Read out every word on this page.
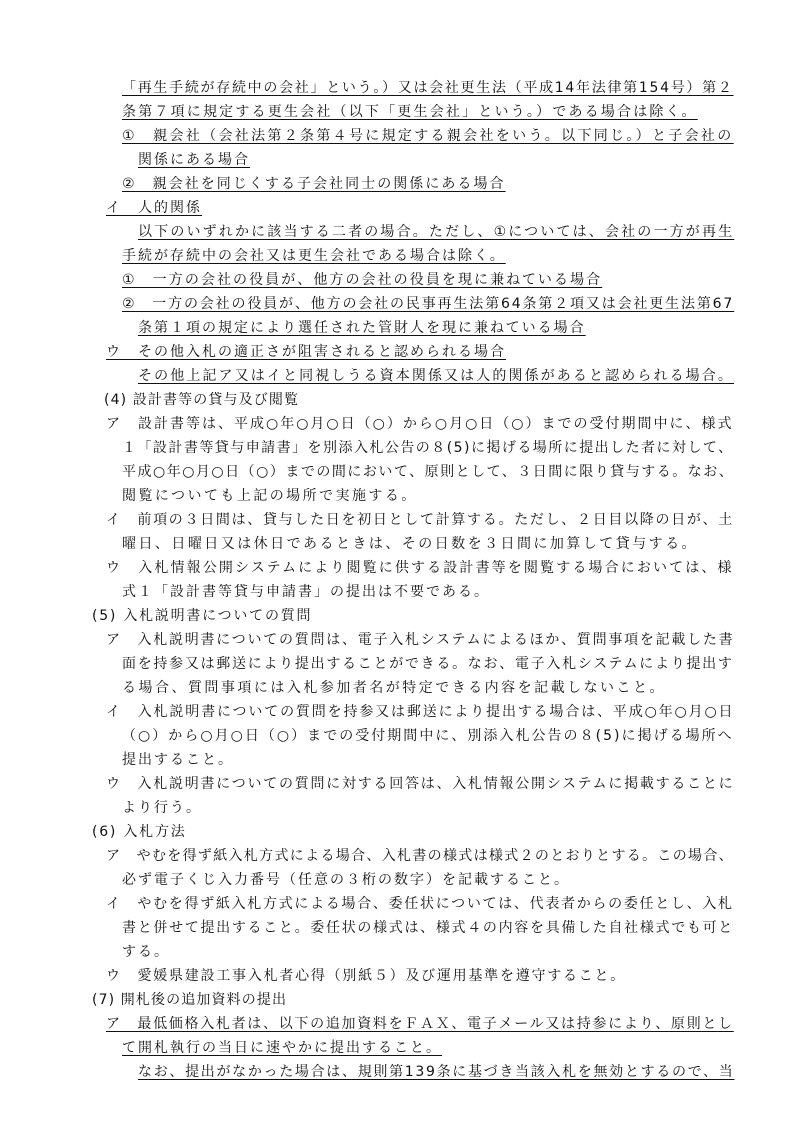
「再生手続が存続中の会社」という。）又は会社更生法（平成14年法律第154号）第２
条第７項に規定する更生会社（以下「更生会社」という。）である場合は除く。
①　親会社（会社法第２条第４号に規定する親会社をいう。以下同じ。）と子会社の
関係にある場合
②　親会社を同じくする子会社同士の関係にある場合
イ　人的関係
以下のいずれかに該当する二者の場合。ただし、①については、会社の一方が再生
手続が存続中の会社又は更生会社である場合は除く。
①　一方の会社の役員が、他方の会社の役員を現に兼ねている場合
②　一方の会社の役員が、他方の会社の民事再生法第64条第２項又は会社更生法第67
条第１項の規定により選任された管財人を現に兼ねている場合
ウ　その他入札の適正さが阻害されると認められる場合
その他上記ア又はイと同視しうる資本関係又は人的関係があると認められる場合。
(4) 設計書等の貸与及び閲覧
ア　設計書等は、平成○年○月○日（○）から○月○日（○）までの受付期間中に、様式
１「設計書等貸与申請書」を別添入札公告の８(5)に掲げる場所に提出した者に対して、
平成○年○月○日（○）までの間において、原則として、３日間に限り貸与する。なお、
閲覧についても上記の場所で実施する。
イ　前項の３日間は、貸与した日を初日として計算する。ただし、２日目以降の日が、土
曜日、日曜日又は休日であるときは、その日数を３日間に加算して貸与する。
ウ　入札情報公開システムにより閲覧に供する設計書等を閲覧する場合においては、様
式１「設計書等貸与申請書」の提出は不要である。
(5) 入札説明書についての質問
ア　入札説明書についての質問は、電子入札システムによるほか、質問事項を記載した書
面を持参又は郵送により提出することができる。なお、電子入札システムにより提出す
る場合、質問事項には入札参加者名が特定できる内容を記載しないこと。
イ　入札説明書についての質問を持参又は郵送により提出する場合は、平成○年○月○日
（○）から○月○日（○）までの受付期間中に、別添入札公告の８(5)に掲げる場所へ
提出すること。
ウ　入札説明書についての質問に対する回答は、入札情報公開システムに掲載することに
より行う。
(6) 入札方法
ア　やむを得ず紙入札方式による場合、入札書の様式は様式２のとおりとする。この場合、
必ず電子くじ入力番号（任意の３桁の数字）を記載すること。
イ　やむを得ず紙入札方式による場合、委任状については、代表者からの委任とし、入札
書と併せて提出すること。委任状の様式は、様式４の内容を具備した自社様式でも可と
する。
ウ　愛媛県建設工事入札者心得（別紙５）及び運用基準を遵守すること。
(7) 開札後の追加資料の提出
ア　最低価格入札者は、以下の追加資料をＦＡＸ、電子メール又は持参により、原則とし
て開札執行の当日に速やかに提出すること。
なお、提出がなかった場合は、規則第139条に基づき当該入札を無効とするので、当
